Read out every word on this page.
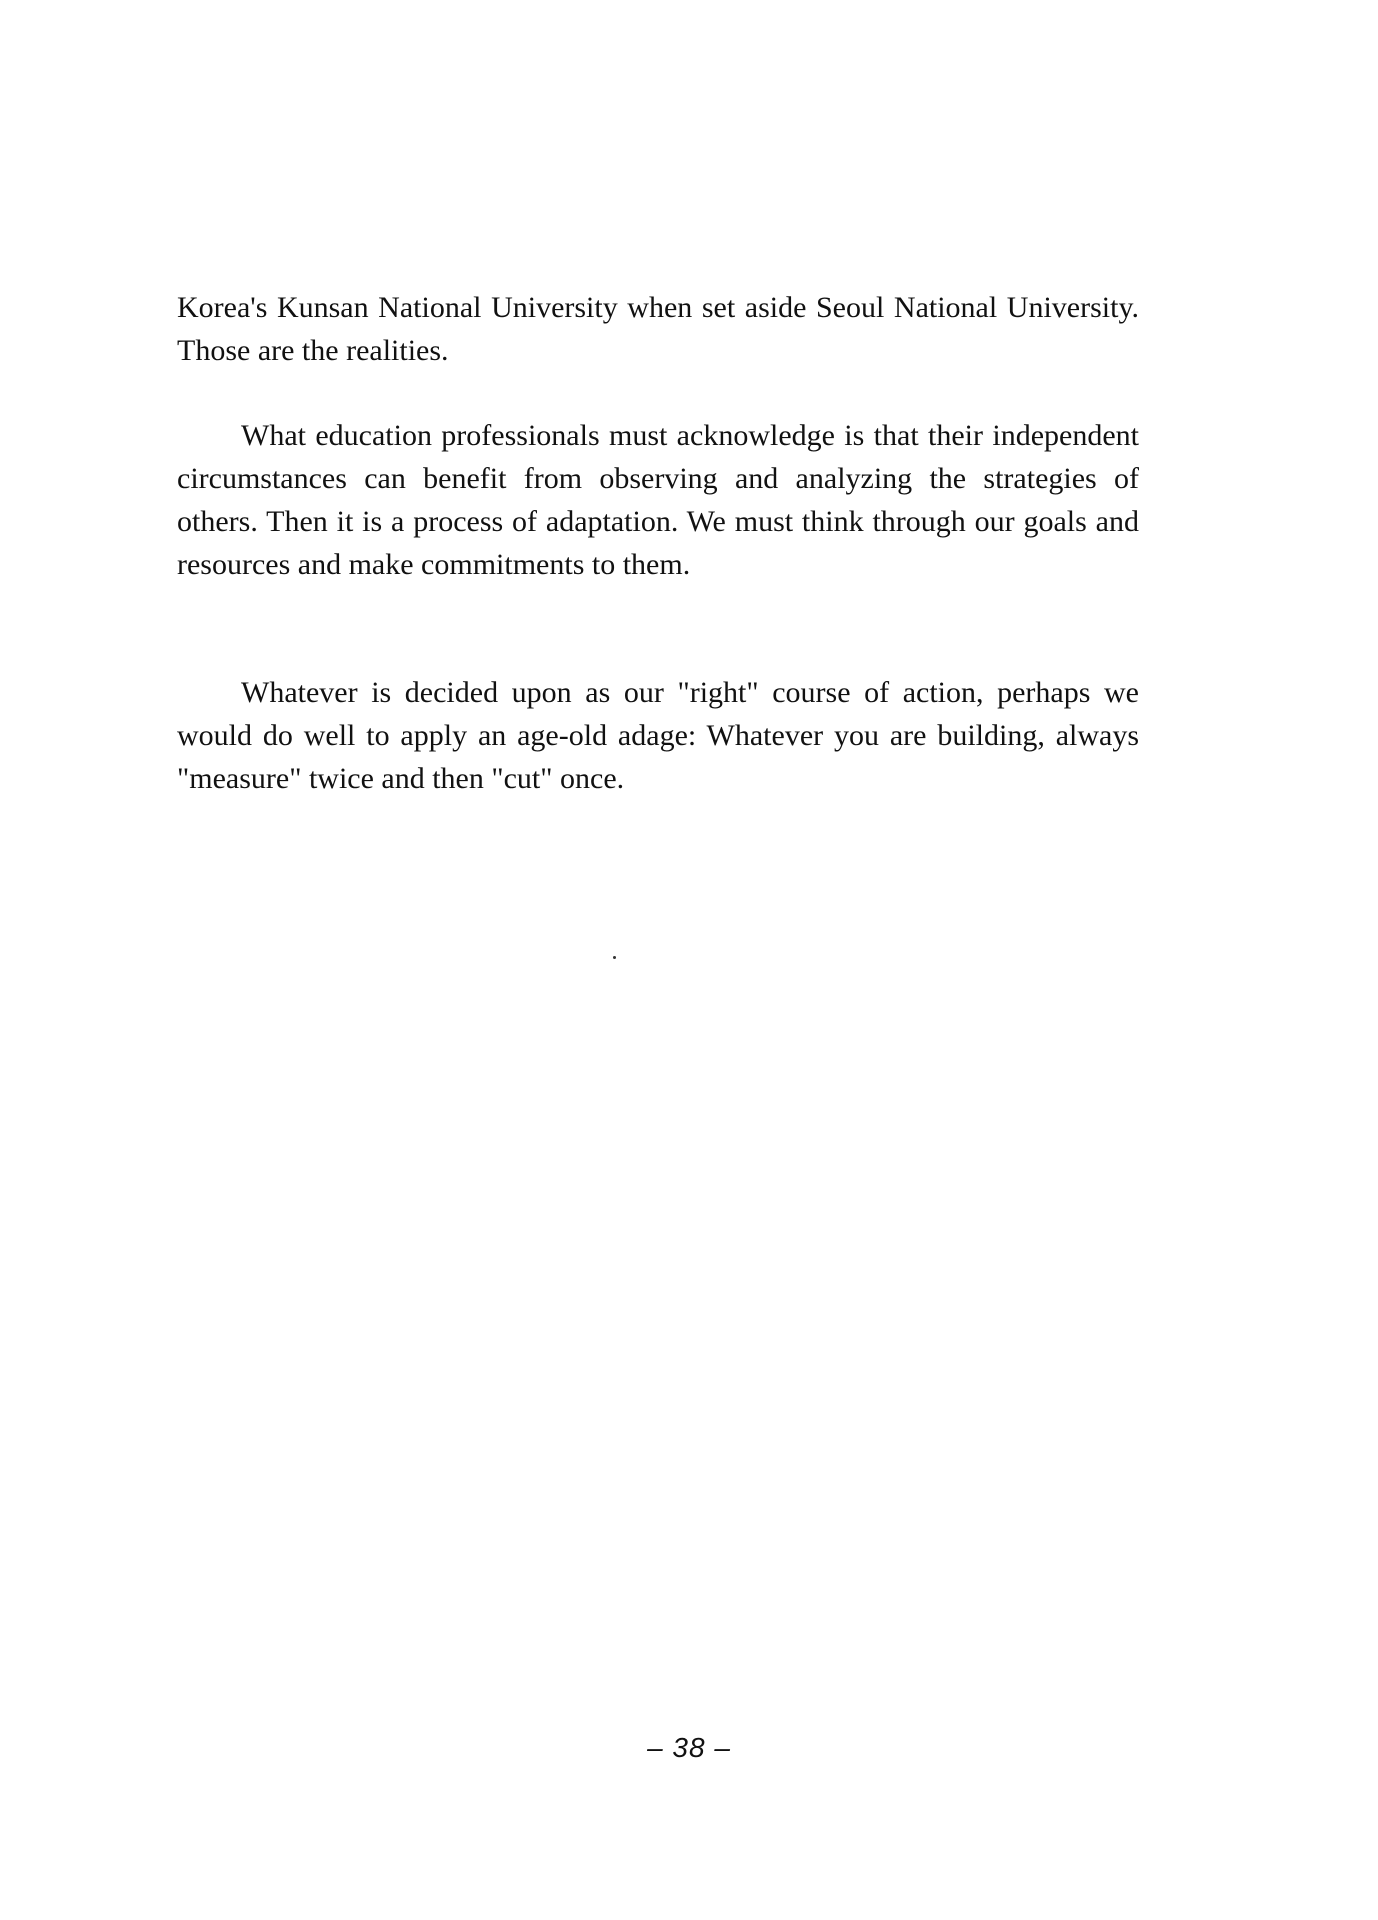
Korea's Kunsan National University when set aside Seoul National University. Those are the realities.

What education professionals must acknowledge is that their independent circumstances can benefit from observing and analyzing the strategies of others. Then it is a process of adaptation. We must think through our goals and resources and make commitments to them.

Whatever is decided upon as our "right" course of action, perhaps we would do well to apply an age-old adage: Whatever you are building, always "measure" twice and then "cut" once.

– 38 –
